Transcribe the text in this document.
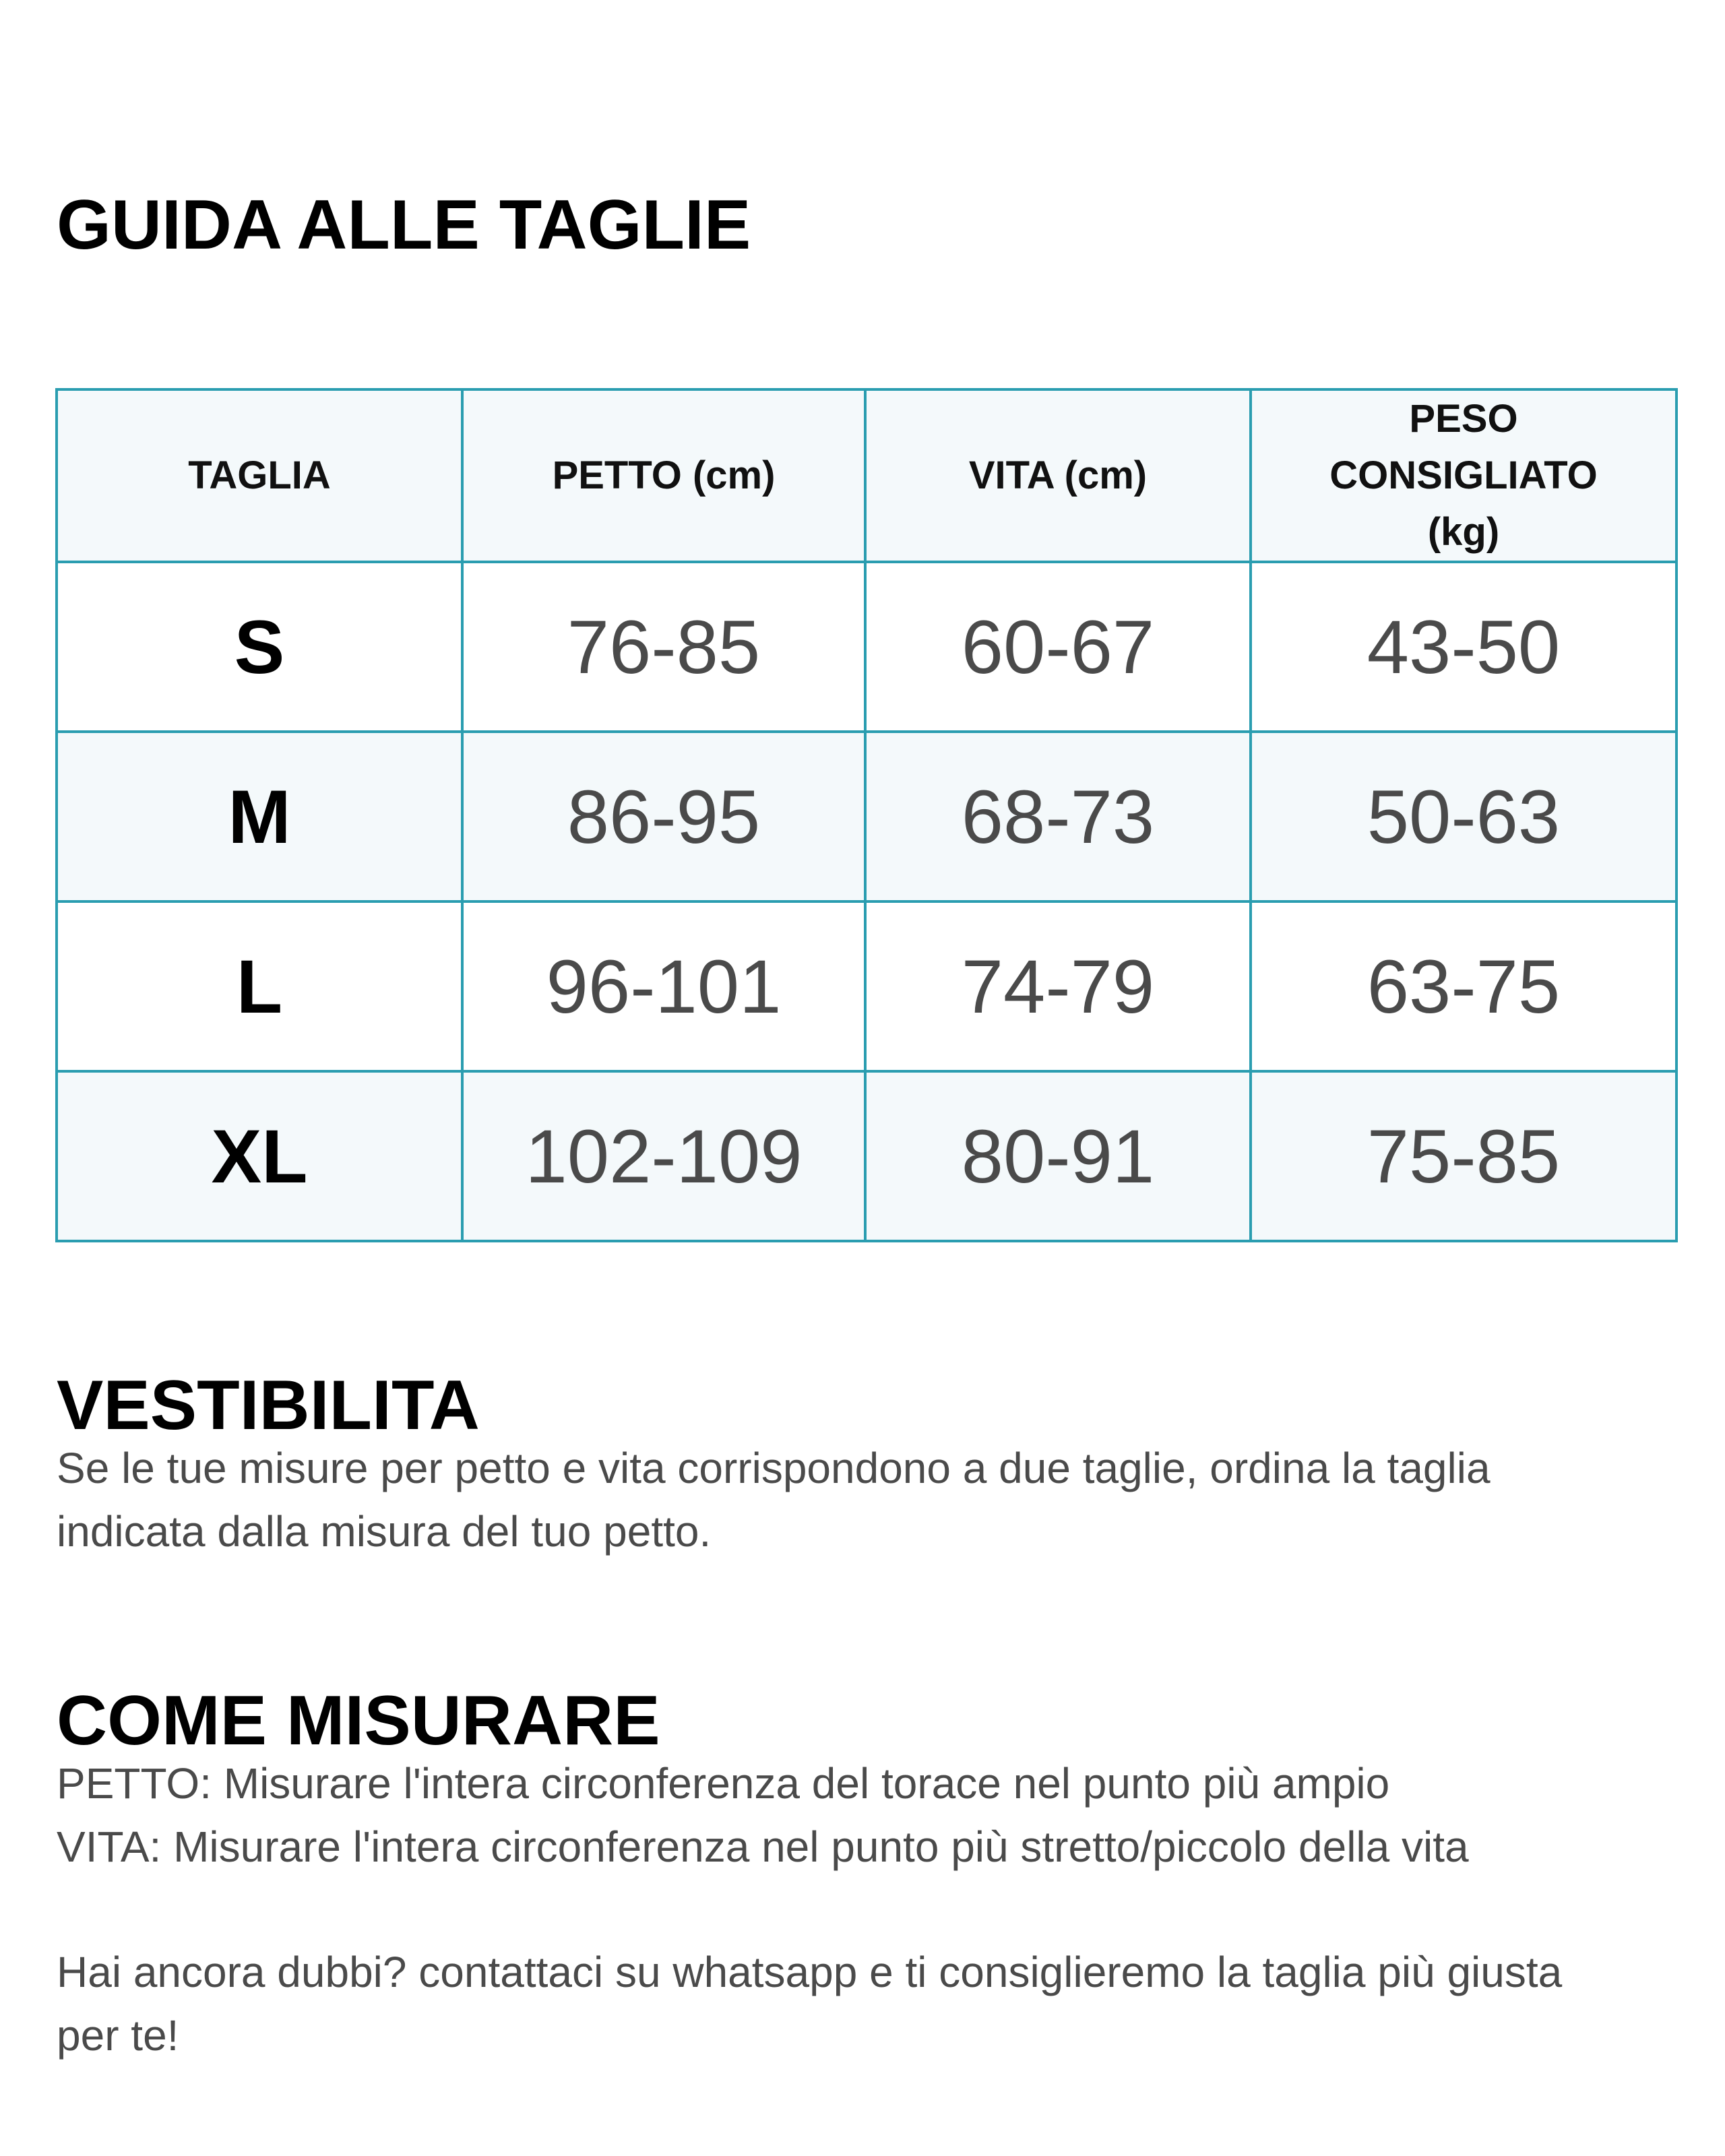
GUIDA ALLE TAGLIE
TAGLIA	PETTO (cm)	VITA (cm)	PESO
CONSIGLIATO
(kg)
S	76-85	60-67	43-50
M	86-95	68-73	50-63
L	96-101	74-79	63-75
XL	102-109	80-91	75-85
VESTIBILITA

Se le tue misure per petto e vita corrispondono a due taglie, ordina la taglia
indicata dalla misura del tuo petto.

COME MISURARE

PETTO: Misurare l'intera circonferenza del torace nel punto più ampio
VITA: Misurare l'intera circonferenza nel punto più stretto/piccolo della vita

Hai ancora dubbi? contattaci su whatsapp e ti consiglieremo la taglia più giusta
per te!
